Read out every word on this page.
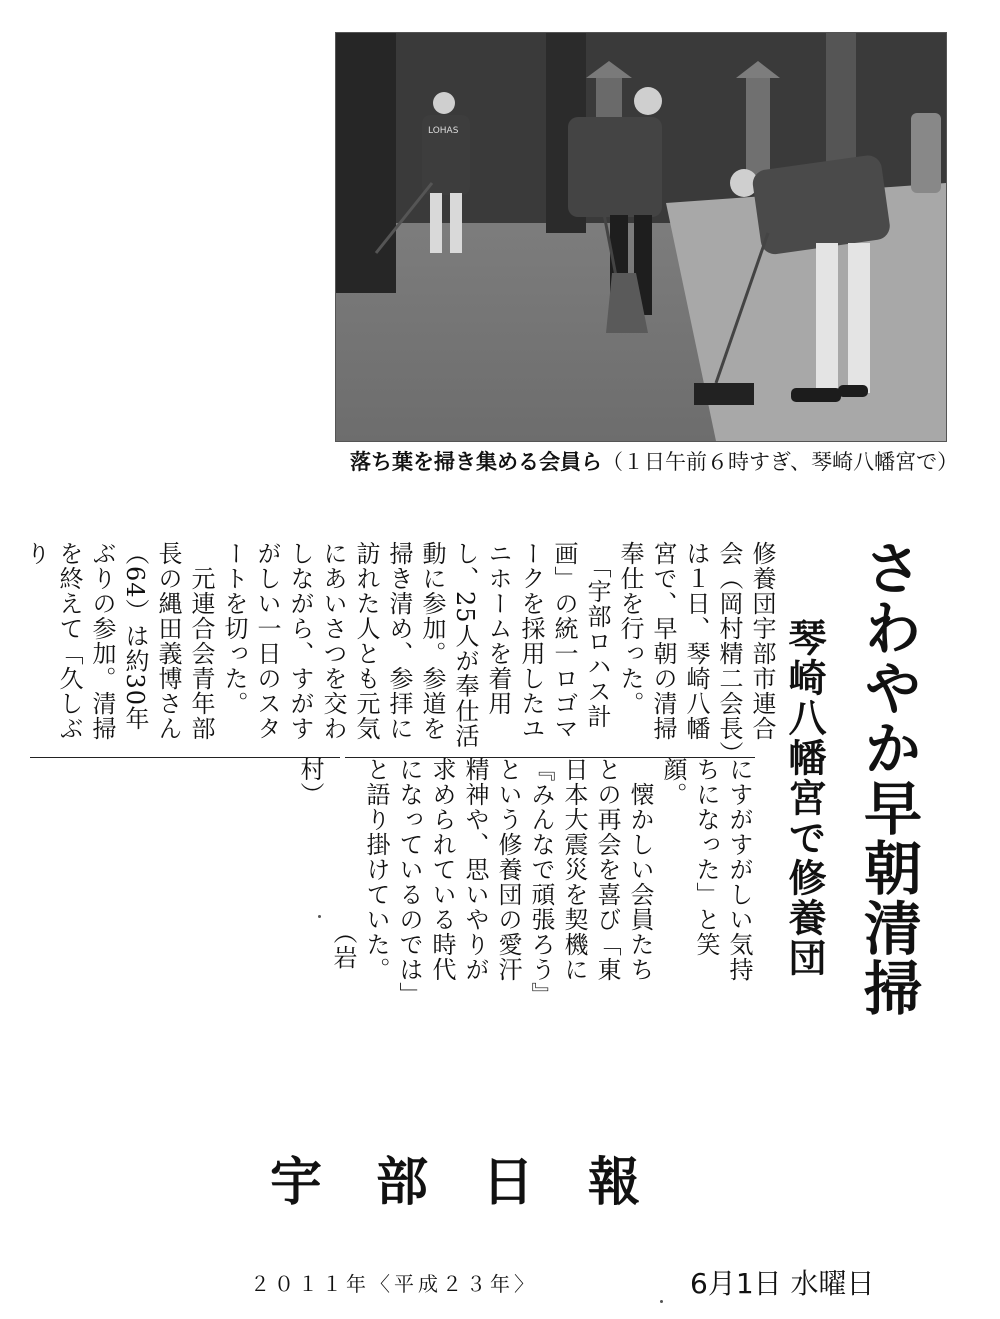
LOHAS
落ち葉を掃き集める会員ら（１日午前６時すぎ、琴崎八幡宮で）
さわやか早朝清掃
琴崎八幡宮で修養団
修養団宇部市連合会（岡村精二会長）は１日、琴崎八幡宮で、早朝の清掃奉仕を行った。
　「宇部ロハス計画」の統一ロゴマークを採用したユニホームを着用し、25人が奉仕活動に参加。参道を掃き清め、参拝に訪れた人とも元気にあいさつを交わしながら、すがすがしい一日のスタートを切った。
　元連合会青年部長の縄田義博さん（64）は約30年ぶりの参加。清掃を終えて「久しぶり
にすがすがしい気持ちになった」と笑顔。
　懐かしい会員たちとの再会を喜び「東日本大震災を契機に『みんなで頑張ろう』という修養団の愛汗精神や、思いやりが求められている時代になっているのでは」と語り掛けていた。
　　　　　　　（岩村）
宇部日報
２０１１年〈平成２３年〉	6月1日 水曜日
